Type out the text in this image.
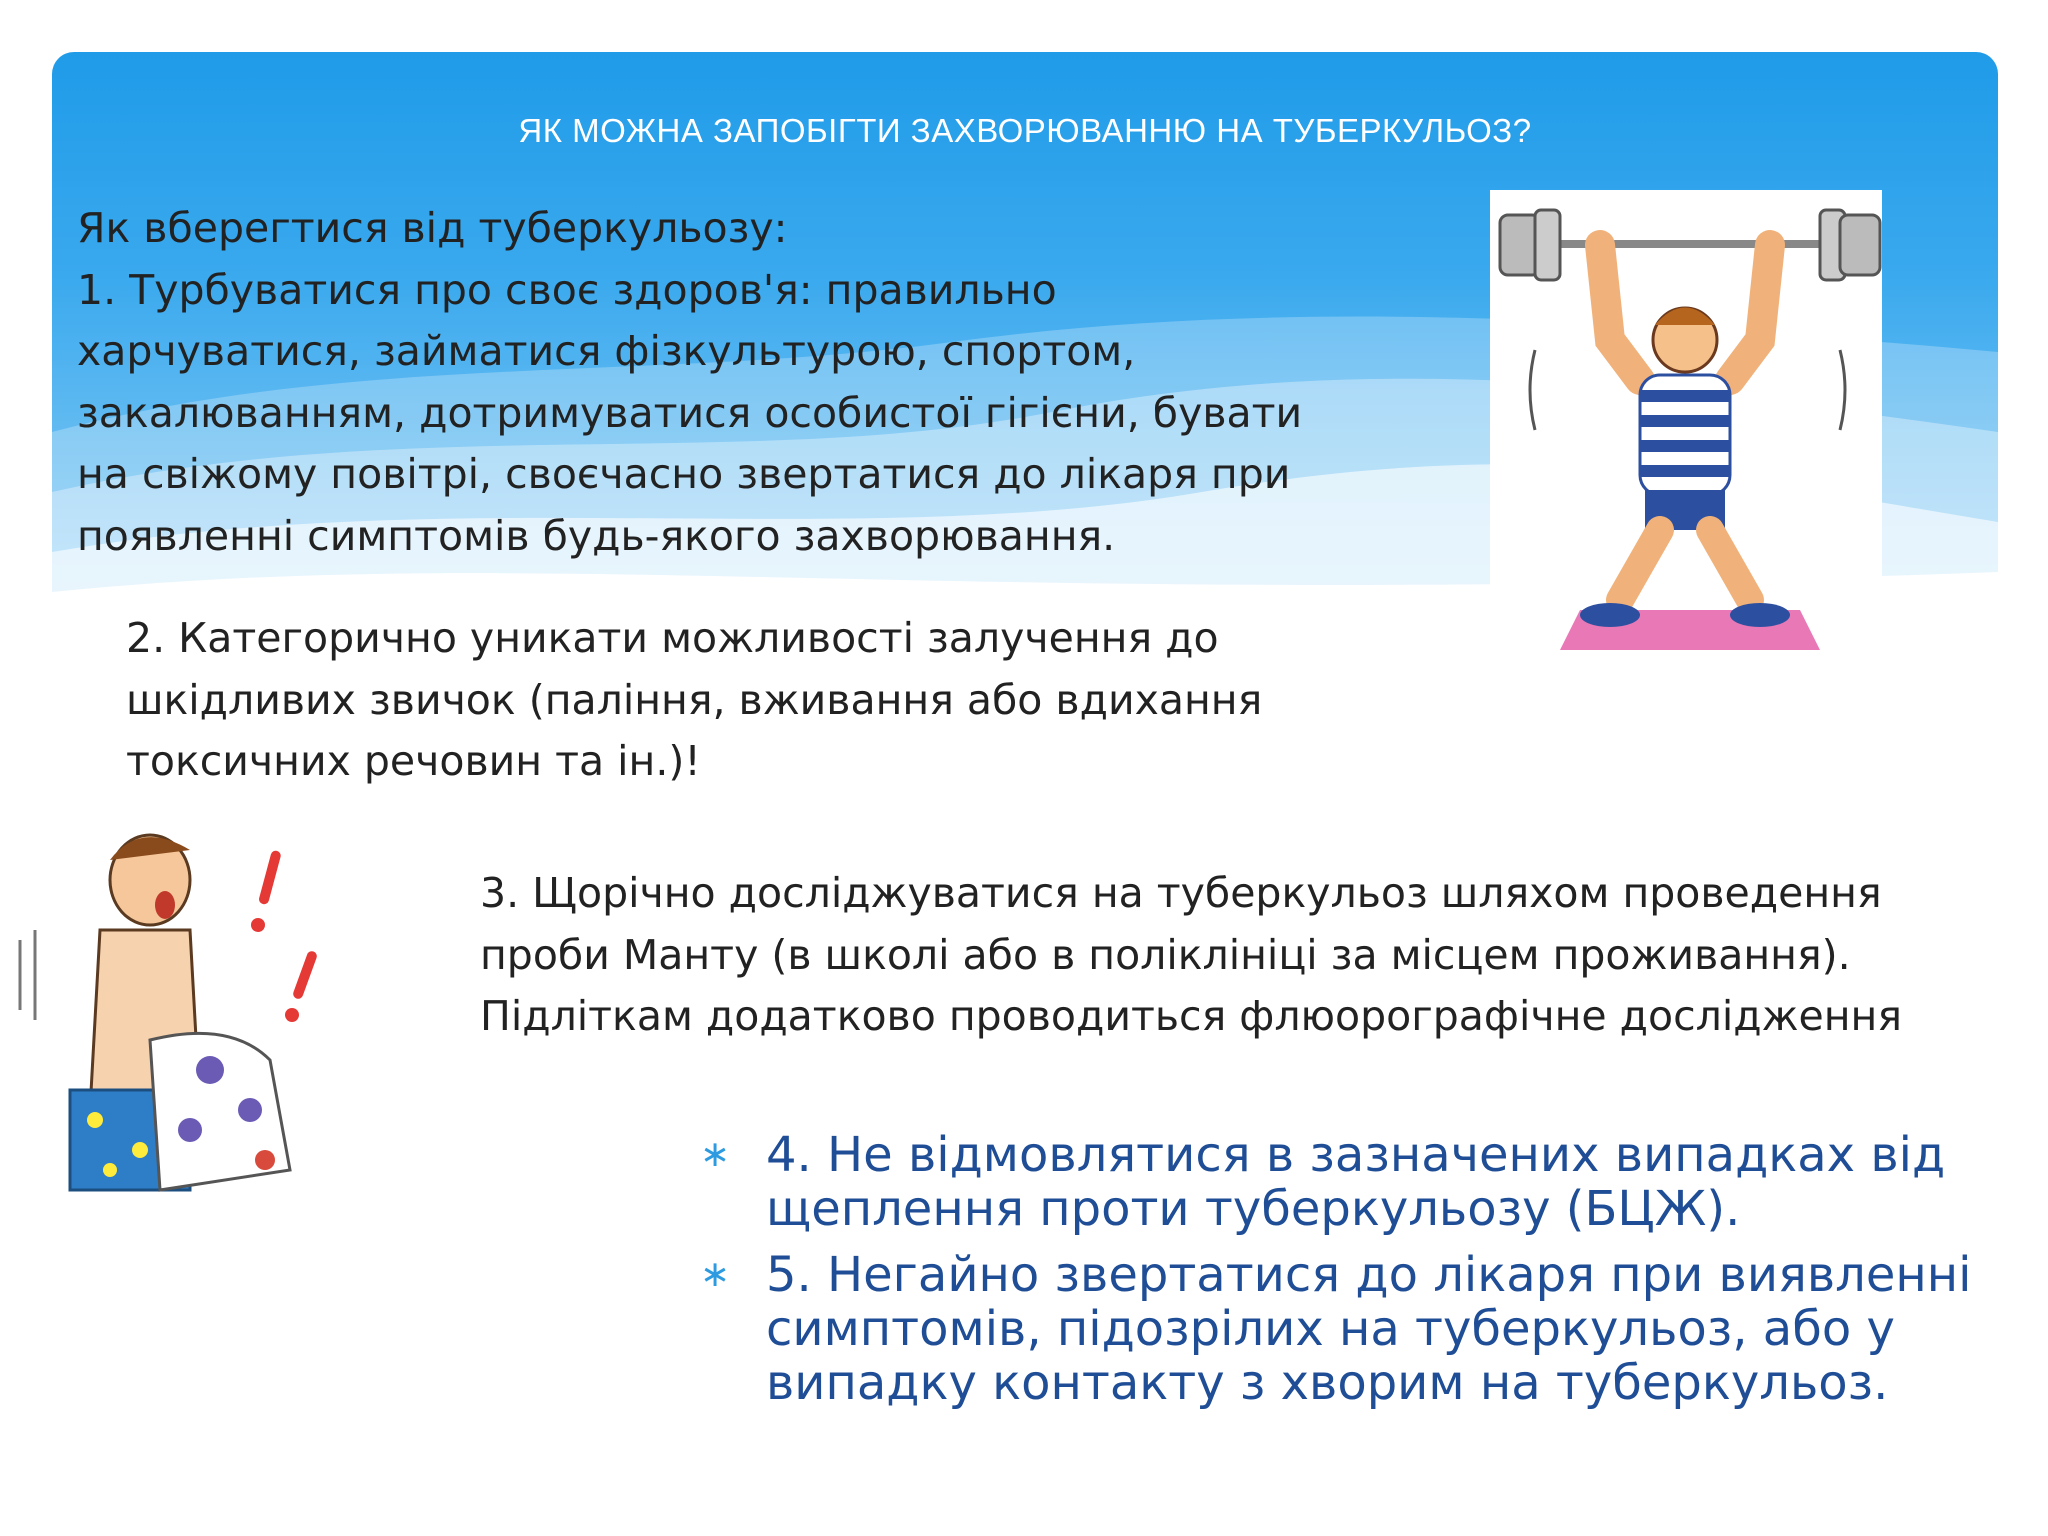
ЯК МОЖНА ЗАПОБІГТИ ЗАХВОРЮВАННЮ НА ТУБЕРКУЛЬОЗ?
Як вберегтися від туберкульозу:
1. Турбуватися про своє здоров'я: правильно
харчуватися, займатися фізкультурою, спортом,
закалюванням, дотримуватися особистої гігієни, бувати
на свіжому повітрі, своєчасно звертатися до лікаря при
появленні симптомів будь-якого захворювання.
2. Категорично уникати можливості залучення до
шкідливих звичок (паління, вживання або вдихання
токсичних речовин та ін.)!
3. Щорічно досліджуватися на туберкульоз шляхом проведення
проби Манту (в школі або в поліклініці за місцем проживання).
Підліткам додатково проводиться флюорографічне дослідження
∗ 4. Не відмовлятися в зазначених випадках від
щеплення проти туберкульозу (БЦЖ).
∗ 5. Негайно звертатися до лікаря при виявленні
симптомів, підозрілих на туберкульоз, або у
випадку контакту з хворим на туберкульоз.
